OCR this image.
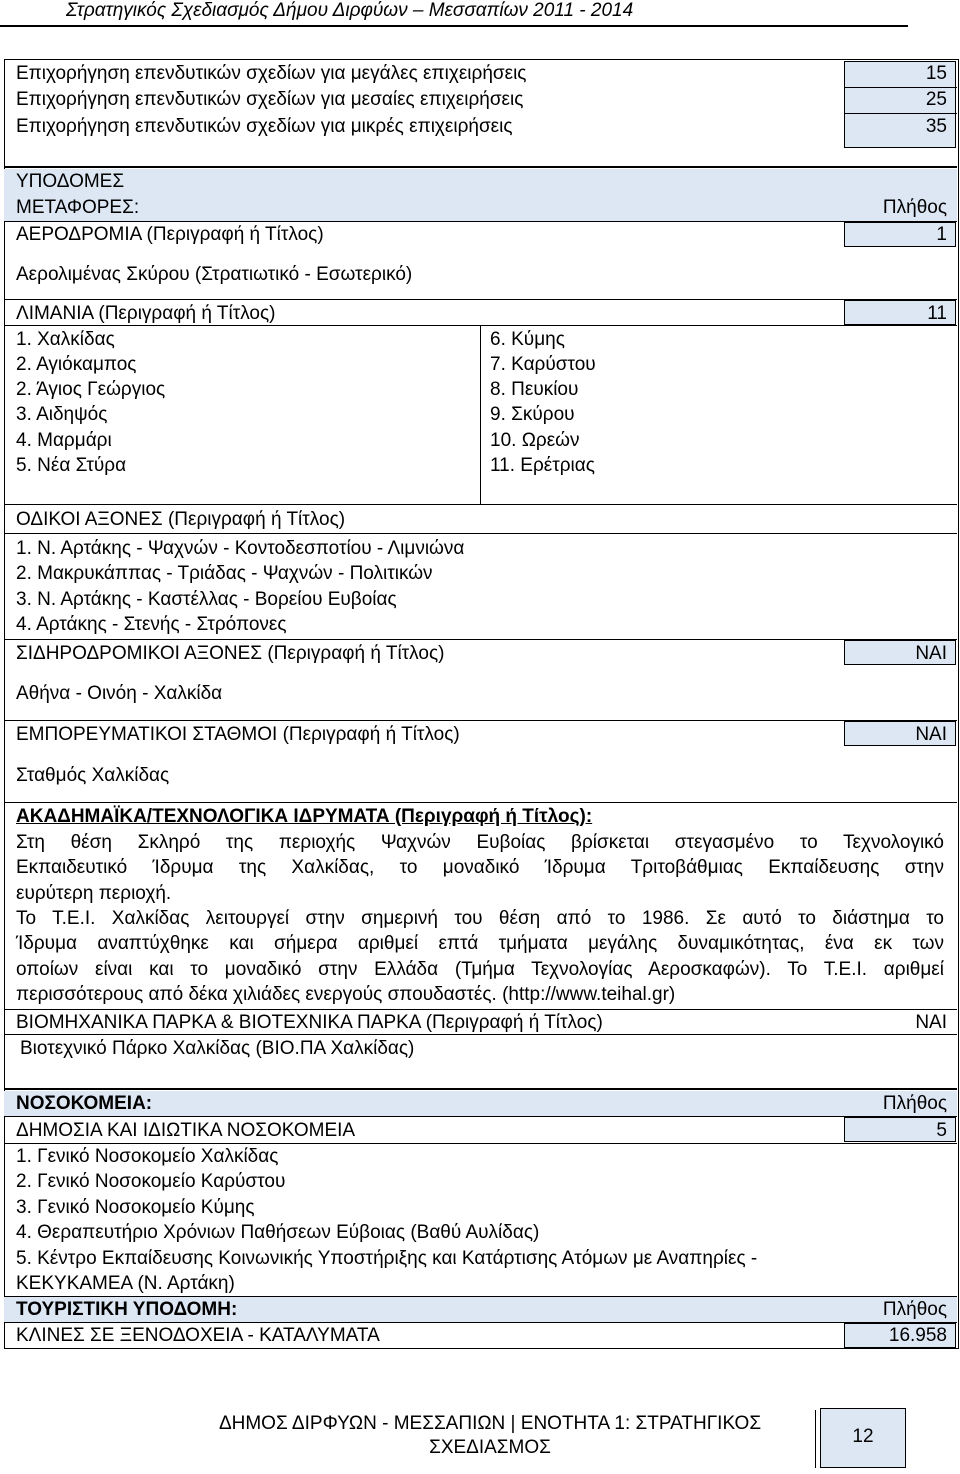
Στρατηγικός Σχεδιασμός Δήμου Διρφύων – Μεσσαπίων 2011 - 2014
Επιχορήγηση επενδυτικών σχεδίων για μεγάλες επιχειρήσεις	15
Επιχορήγηση επενδυτικών σχεδίων για μεσαίες επιχειρήσεις	25
Επιχορήγηση επενδυτικών σχεδίων για μικρές επιχειρήσεις	35
ΥΠΟΔΟΜΕΣ
ΜΕΤΑΦΟΡΕΣ:	Πλήθος
ΑΕΡΟΔΡΟΜΙΑ (Περιγραφή ή Τίτλος)	1
Αερολιμένας Σκύρου (Στρατιωτικό - Εσωτερικό)
ΛΙΜΑΝΙΑ (Περιγραφή ή Τίτλος)	11
1. Χαλκίδας
2. Αγιόκαμπος
2. Άγιος Γεώργιος
3. Αιδηψός
4. Μαρμάρι
5. Νέα Στύρα
6. Κύμης
7. Καρύστου
8. Πευκίου
9. Σκύρου
10. Ωρεών
11. Ερέτριας
ΟΔΙΚΟΙ ΑΞΟΝΕΣ (Περιγραφή ή Τίτλος)
1. Ν. Αρτάκης - Ψαχνών - Κοντοδεσποτίου - Λιμνιώνα
2. Μακρυκάππας - Τριάδας - Ψαχνών - Πολιτικών
3. Ν. Αρτάκης - Καστέλλας - Βορείου Ευβοίας
4. Αρτάκης - Στενής - Στρόπονες
ΣΙΔΗΡΟΔΡΟΜΙΚΟΙ ΑΞΟΝΕΣ (Περιγραφή ή Τίτλος)	ΝΑΙ
Αθήνα - Οινόη - Χαλκίδα
ΕΜΠΟΡΕΥΜΑΤΙΚΟΙ ΣΤΑΘΜΟΙ (Περιγραφή ή Τίτλος)	ΝΑΙ
Σταθμός Χαλκίδας
ΑΚΑΔΗΜΑΪΚΑ/ΤΕΧΝΟΛΟΓΙΚΑ ΙΔΡΥΜΑΤΑ (Περιγραφή ή Τίτλος):
Στη θέση Σκληρό της περιοχής Ψαχνών Ευβοίας βρίσκεται στεγασμένο το Τεχνολογικό
Εκπαιδευτικό Ίδρυμα της Χαλκίδας, το μοναδικό Ίδρυμα Τριτοβάθμιας Εκπαίδευσης στην
ευρύτερη περιοχή.
Το Τ.Ε.Ι. Χαλκίδας λειτουργεί στην σημερινή του θέση από το 1986. Σε αυτό το διάστημα το
Ίδρυμα αναπτύχθηκε και σήμερα αριθμεί επτά τμήματα μεγάλης δυναμικότητας, ένα εκ των
οποίων είναι και το μοναδικό στην Ελλάδα (Τμήμα Τεχνολογίας Αεροσκαφών). Το Τ.Ε.Ι. αριθμεί
περισσότερους από δέκα χιλιάδες ενεργούς σπουδαστές. (http://www.teihal.gr)
ΒΙΟΜΗΧΑΝΙΚΑ ΠΑΡΚΑ & ΒΙΟΤΕΧΝΙΚΑ ΠΑΡΚΑ (Περιγραφή ή Τίτλος)	ΝΑΙ
Βιοτεχνικό Πάρκο Χαλκίδας (ΒΙΟ.ΠΑ Χαλκίδας)
ΝΟΣΟΚΟΜΕΙΑ:	Πλήθος
ΔΗΜΟΣΙΑ ΚΑΙ ΙΔΙΩΤΙΚΑ ΝΟΣΟΚΟΜΕΙΑ	5
1. Γενικό Νοσοκομείο Χαλκίδας
2. Γενικό Νοσοκομείο Καρύστου
3. Γενικό Νοσοκομείο Κύμης
4. Θεραπευτήριο Χρόνιων Παθήσεων Εύβοιας (Βαθύ Αυλίδας)
5. Κέντρο Εκπαίδευσης Κοινωνικής Υποστήριξης και Κατάρτισης Ατόμων με Αναπηρίες -
ΚΕΚΥΚΑΜΕΑ (Ν. Αρτάκη)
ΤΟΥΡΙΣΤΙΚΗ ΥΠΟΔΟΜΗ:	Πλήθος
ΚΛΙΝΕΣ ΣΕ ΞΕΝΟΔΟΧΕΙΑ - ΚΑΤΑΛΥΜΑΤΑ	16.958
ΔΗΜΟΣ ΔΙΡΦΥΩΝ - ΜΕΣΣΑΠΙΩΝ | ΕΝΟΤΗΤΑ 1: ΣΤΡΑΤΗΓΙΚΟΣ
ΣΧΕΔΙΑΣΜΟΣ
12
